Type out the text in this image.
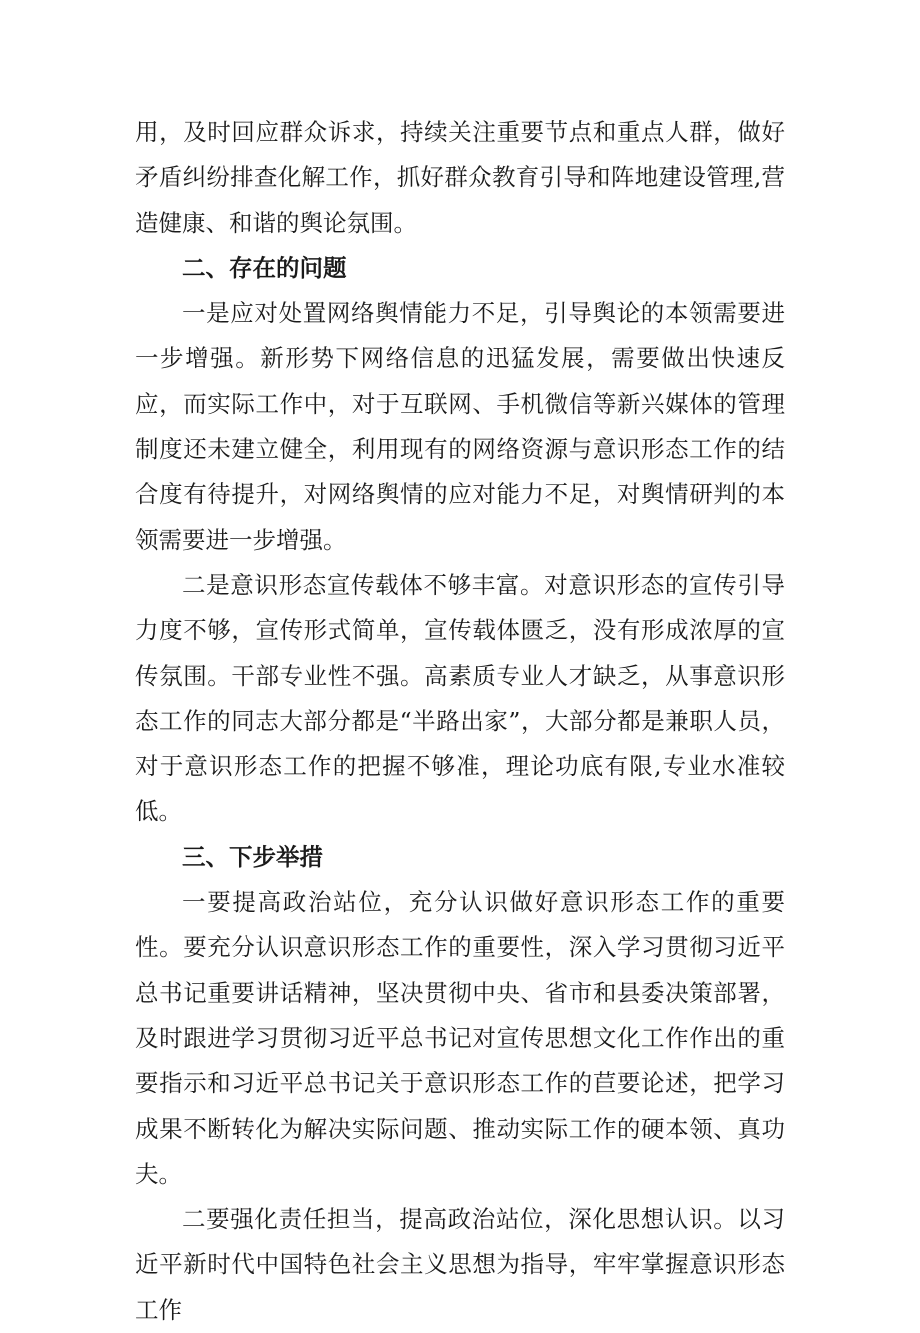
用，及时回应群众诉求，持续关注重要节点和重点人群，做好矛盾纠纷排查化解工作，抓好群众教育引导和阵地建设管理,营造健康、和谐的舆论氛围。

二、存在的问题

一是应对处置网络舆情能力不足，引导舆论的本领需要进一步增强。新形势下网络信息的迅猛发展，需要做出快速反应，而实际工作中，对于互联网、手机微信等新兴媒体的管理制度还未建立健全，利用现有的网络资源与意识形态工作的结合度有待提升，对网络舆情的应对能力不足，对舆情研判的本领需要进一步增强。

二是意识形态宣传载体不够丰富。对意识形态的宣传引导力度不够，宣传形式简单，宣传载体匮乏，没有形成浓厚的宣传氛围。干部专业性不强。高素质专业人才缺乏，从事意识形态工作的同志大部分都是“半路出家”，大部分都是兼职人员，对于意识形态工作的把握不够准，理论功底有限,专业水准较低。

三、下步举措

一要提高政治站位，充分认识做好意识形态工作的重要性。要充分认识意识形态工作的重要性，深入学习贯彻习近平总书记重要讲话精神，坚决贯彻中央、省市和县委决策部署，及时跟进学习贯彻习近平总书记对宣传思想文化工作作出的重要指示和习近平总书记关于意识形态工作的苣要论述，把学习成果不断转化为解决实际问题、推动实际工作的硬本领、真功夫。

二要强化责任担当，提高政治站位，深化思想认识。以习近平新时代中国特色社会主义思想为指导，牢牢掌握意识形态工作
